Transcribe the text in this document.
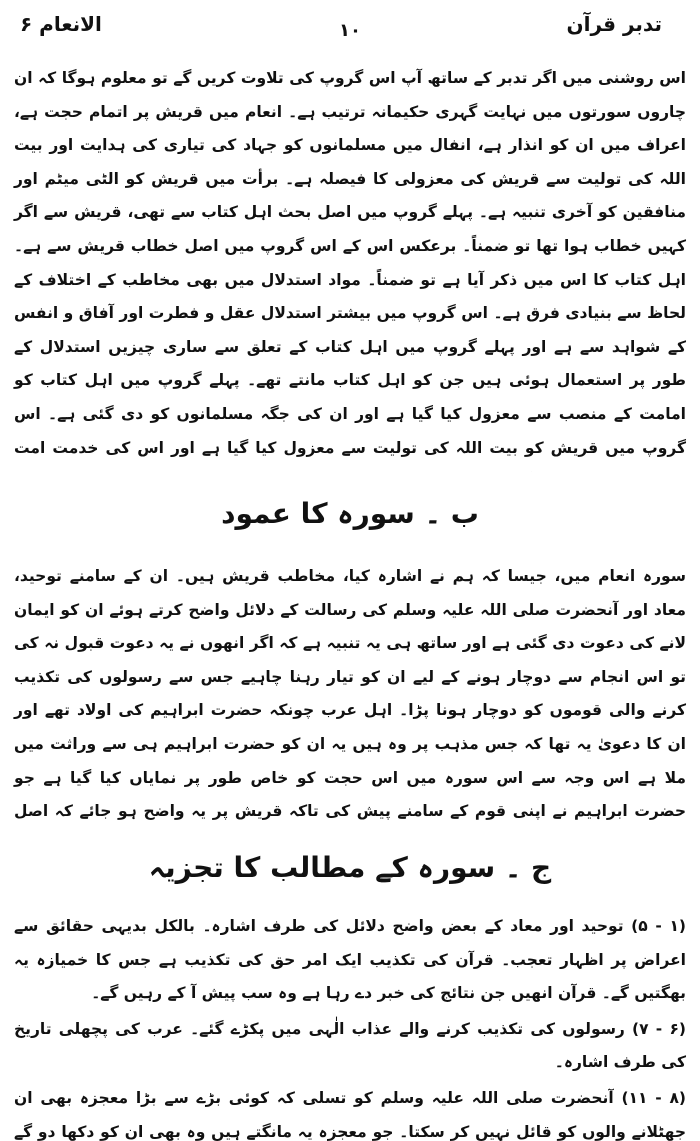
تدبر قرآن
۱۰
الانعام ۶

اس روشنی میں اگر تدبر کے ساتھ آپ اس گروپ کی تلاوت کریں گے تو معلوم ہوگا کہ ان چاروں سورتوں میں نہایت گہری حکیمانہ ترتیب ہے۔ انعام میں قریش پر اتمام حجت ہے، اعراف میں ان کو انذار ہے، انفال میں مسلمانوں کو جہاد کی تیاری کی ہدایت اور بیت اللہ کی تولیت سے قریش کی معزولی کا فیصلہ ہے۔ برأت میں قریش کو الٹی میٹم اور منافقین کو آخری تنبیہ ہے۔ پہلے گروپ میں اصل بحث اہل کتاب سے تھی، قریش سے اگر کہیں خطاب ہوا تھا تو ضمناً۔ برعکس اس کے اس گروپ میں اصل خطاب قریش سے ہے۔ اہل کتاب کا اس میں ذکر آیا ہے تو ضمناً۔ مواد استدلال میں بھی مخاطب کے اختلاف کے لحاظ سے بنیادی فرق ہے۔ اس گروپ میں بیشتر استدلال عقل و فطرت اور آفاق و انفس کے شواہد سے ہے اور پہلے گروپ میں اہل کتاب کے تعلق سے ساری چیزیں استدلال کے طور پر استعمال ہوئی ہیں جن کو اہل کتاب مانتے تھے۔ پہلے گروپ میں اہل کتاب کو امامت کے منصب سے معزول کیا گیا ہے اور ان کی جگہ مسلمانوں کو دی گئی ہے۔ اس گروپ میں قریش کو بیت اللہ کی تولیت سے معزول کیا گیا ہے اور اس کی خدمت امت

ب ۔ سورہ کا عمود

سورہ انعام میں، جیسا کہ ہم نے اشارہ کیا، مخاطب قریش ہیں۔ ان کے سامنے توحید، معاد اور آنحضرت صلی اللہ علیہ وسلم کی رسالت کے دلائل واضح کرتے ہوئے ان کو ایمان لانے کی دعوت دی گئی ہے اور ساتھ ہی یہ تنبیہ ہے کہ اگر انھوں نے یہ دعوت قبول نہ کی تو اس انجام سے دوچار ہونے کے لیے ان کو تیار رہنا چاہیے جس سے رسولوں کی تکذیب کرنے والی قوموں کو دوچار ہونا پڑا۔ اہل عرب چونکہ حضرت ابراہیم کی اولاد تھے اور ان کا دعویٰ یہ تھا کہ جس مذہب پر وہ ہیں یہ ان کو حضرت ابراہیم ہی سے وراثت میں ملا ہے اس وجہ سے اس سورہ میں اس حجت کو خاص طور پر نمایاں کیا گیا ہے جو حضرت ابراہیم نے اپنی قوم کے سامنے پیش کی تاکہ قریش پر یہ واضح ہو جائے کہ اصل

ج ۔ سورہ کے مطالب کا تجزیہ

(۱ - ۵) توحید اور معاد کے بعض واضح دلائل کی طرف اشارہ۔ بالکل بدیہی حقائق سے اعراض پر اظہار تعجب۔ قرآن کی تکذیب ایک امر حق کی تکذیب ہے جس کا خمیازہ یہ بھگتیں گے۔ قرآن انھیں جن نتائج کی خبر دے رہا ہے وہ سب پیش آ کے رہیں گے۔

(۶ - ۷) رسولوں کی تکذیب کرنے والے عذاب الٰہی میں پکڑے گئے۔ عرب کی پچھلی تاریخ کی طرف اشارہ۔

(۸ - ۱۱) آنحضرت صلی اللہ علیہ وسلم کو تسلی کہ کوئی بڑے سے بڑا معجزہ بھی ان جھٹلانے والوں کو قائل نہیں کر سکتا۔ جو معجزہ یہ مانگتے ہیں وہ بھی ان کو دکھا دو گے
